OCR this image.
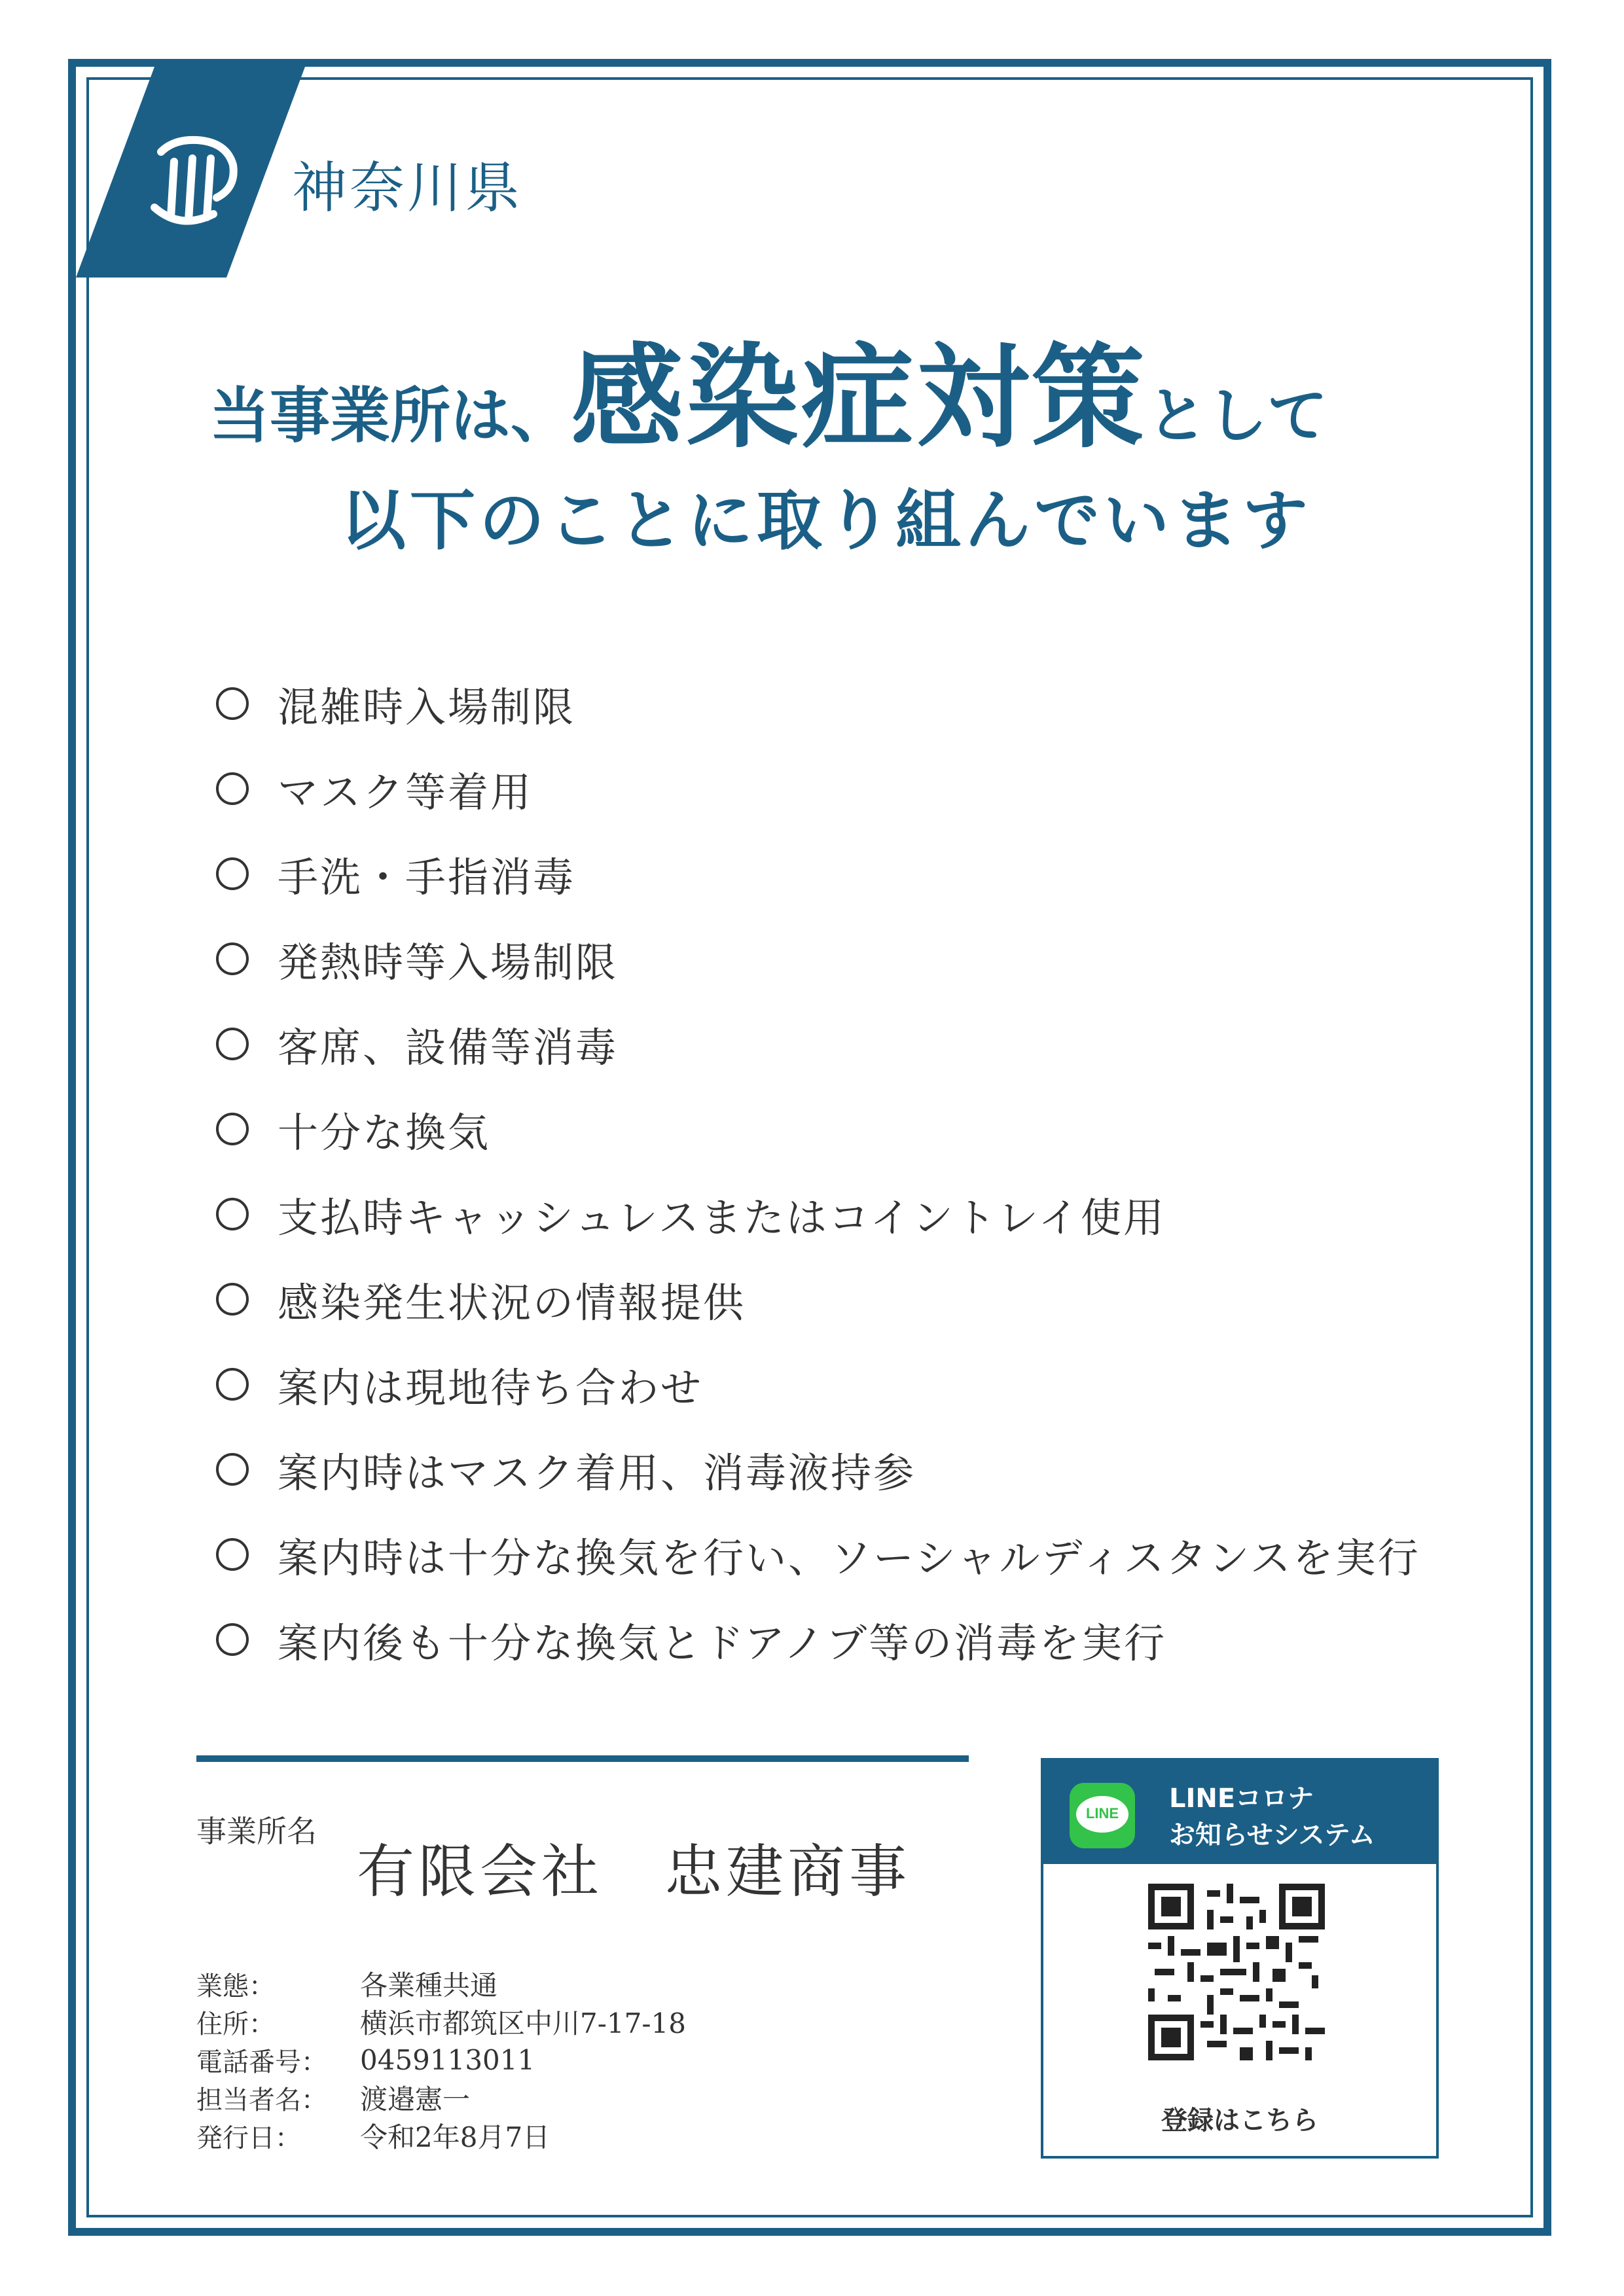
神奈川県
当事業所は、感染症対策として
以下のことに取り組んでいます
混雑時入場制限
マスク等着用
手洗・手指消毒
発熱時等入場制限
客席、設備等消毒
十分な換気
支払時キャッシュレスまたはコイントレイ使用
感染発生状況の情報提供
案内は現地待ち合わせ
案内時はマスク着用、消毒液持参
案内時は十分な換気を行い、ソーシャルディスタンスを実行
案内後も十分な換気とドアノブ等の消毒を実行
事業所名
有限会社　忠建商事
業態：	各業種共通
住所：	横浜市都筑区中川7-17-18
電話番号：	0459113011
担当者名：	渡邉憲一
発行日：	令和2年8月7日
LINE	LINEコロナ
お知らせシステム
登録はこちら
